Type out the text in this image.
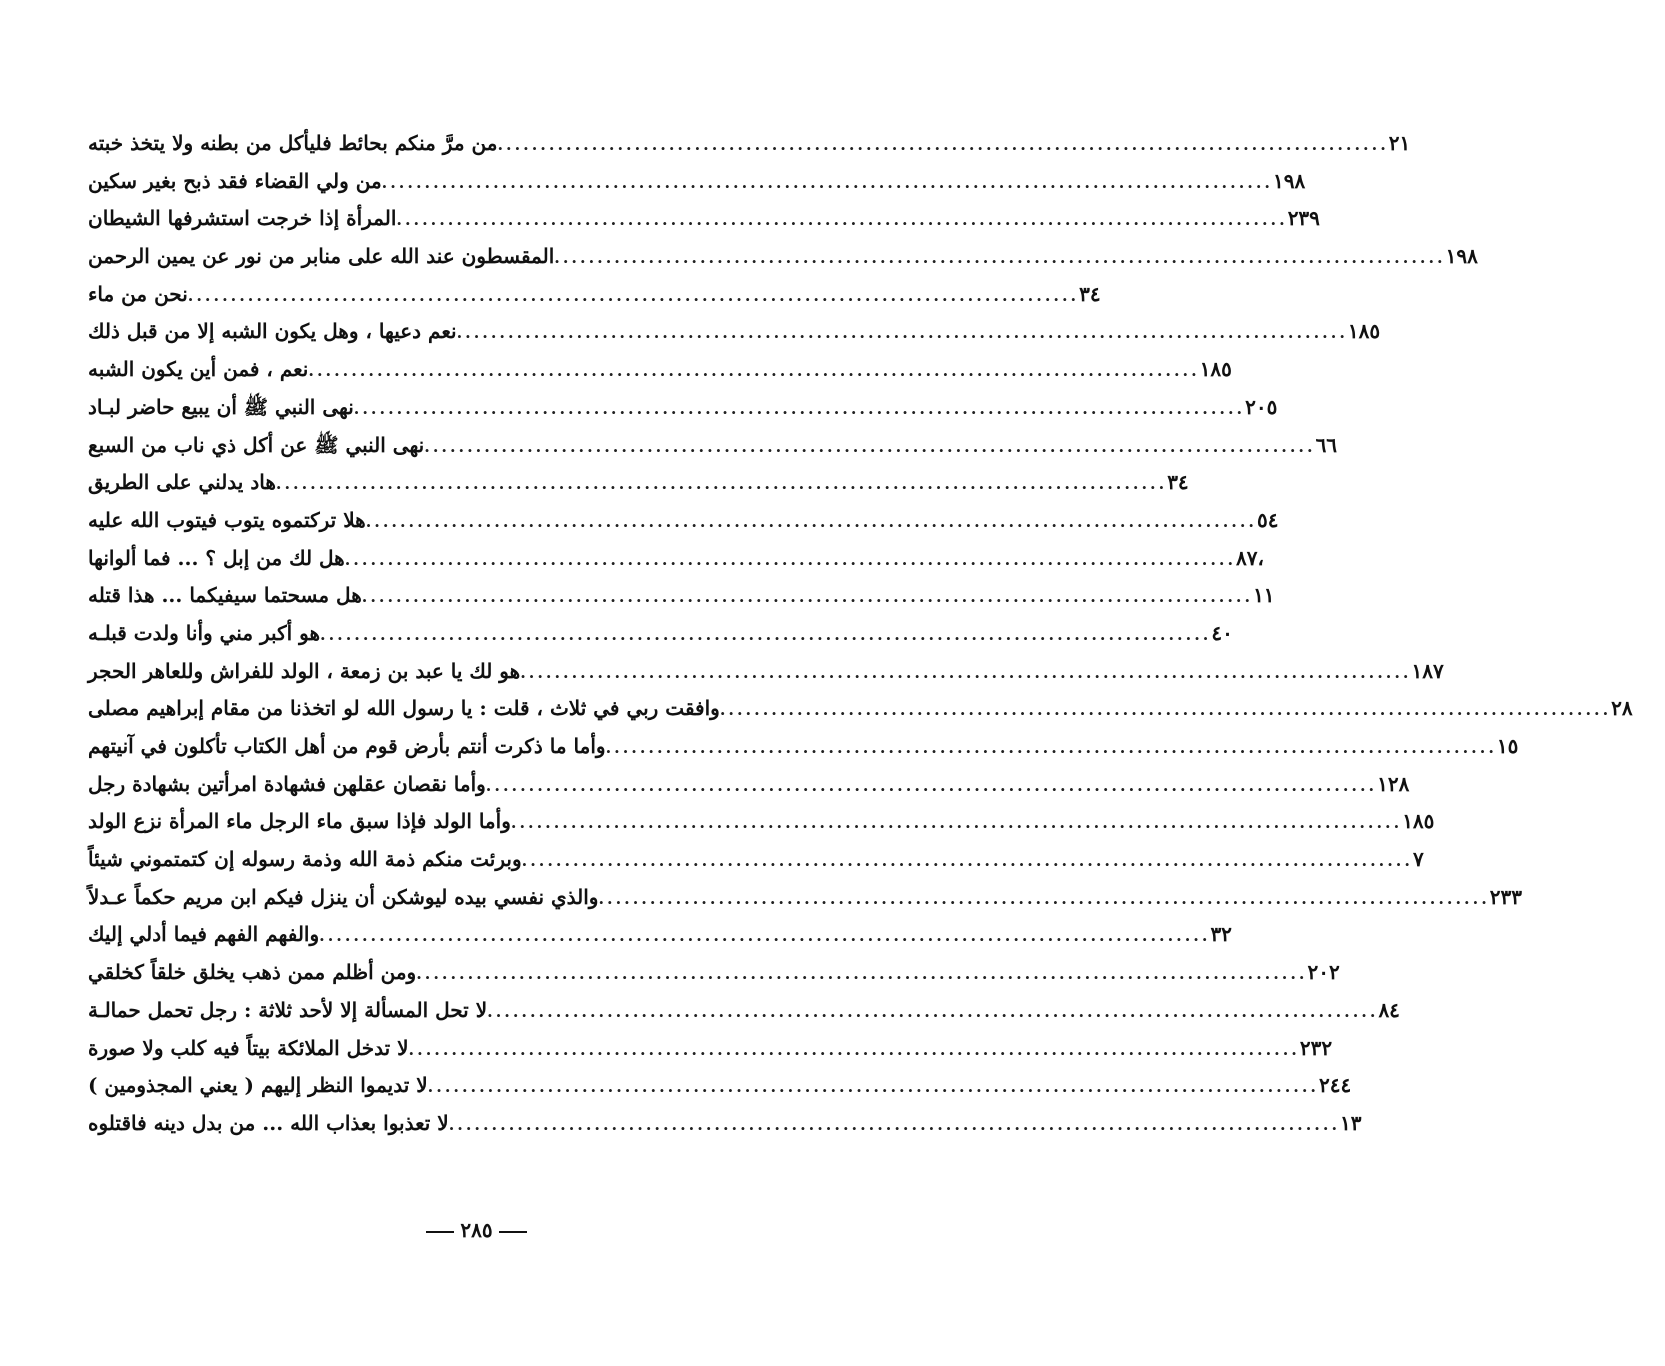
من مرَّ منكم بحائط فليأكل من بطنه ولا يتخذ خبته ........................................................................................................ ٢١
من ولي القضاء فقد ذبح بغير سكين ........................................................................................................ ١٩٨
المرأة إذا خرجت استشرفها الشيطان ........................................................................................................ ٢٣٩
المقسطون عند الله على منابر من نور عن يمين الرحمن ........................................................................................................ ١٩٨
نحن من ماء ........................................................................................................ ٣٤
نعم دعيها ، وهل يكون الشبه إلا من قبل ذلك ........................................................................................................ ١٨٥
نعم ، فمن أين يكون الشبه ........................................................................................................ ١٨٥
نهى النبي ﷺ أن يبيع حاضر لبـاد ........................................................................................................ ٢٠٥
نهى النبي ﷺ عن أكل ذي ناب من السبع ........................................................................................................ ٦٦
هاد يدلني على الطريق ........................................................................................................ ٣٤
هلا تركتموه يتوب فيتوب الله عليه ........................................................................................................ ٥٤
هل لك من إبل ؟ ... فما ألوانها ........................................................................................................ ٨٧،
هل مسحتما سيفيكما ... هذا قتله ........................................................................................................ ١١
هو أكبر مني وأنا ولدت قبلـه ........................................................................................................ ٤٠
هو لك يا عبد بن زمعة ، الولد للفراش وللعاهر الحجر ........................................................................................................ ١٨٧
وافقت ربي في ثلاث ، قلت : يا رسول الله لو اتخذنا من مقام إبراهيم مصلى ........................................................................................................ ٢٨
وأما ما ذكرت أنتم بأرض قوم من أهل الكتاب تأكلون في آنيتهم ........................................................................................................ ١٥
وأما نقصان عقلهن فشهادة امرأتين بشهادة رجل ........................................................................................................ ١٢٨
وأما الولد فإذا سبق ماء الرجل ماء المرأة نزع الولد ........................................................................................................ ١٨٥
وبرئت منكم ذمة الله وذمة رسوله إن كتمتموني شيئاً ........................................................................................................ ٧
والذي نفسي بيده ليوشكن أن ينزل فيكم ابن مريم حكماً عـدلاً ........................................................................................................ ٢٣٣
والفهم الفهم فيما أدلي إليك ........................................................................................................ ٣٢
ومن أظلم ممن ذهب يخلق خلقاً كخلقي ........................................................................................................ ٢٠٢
لا تحل المسألة إلا لأحد ثلاثة : رجل تحمل حمالـة ........................................................................................................ ٨٤
لا تدخل الملائكة بيتاً فيه كلب ولا صورة ........................................................................................................ ٢٣٢
لا تديموا النظر إليهم ( يعني المجذومين ) ........................................................................................................ ٢٤٤
لا تعذبوا بعذاب الله ... من بدل دينه فاقتلوه ........................................................................................................ ١٣
٢٨٥
